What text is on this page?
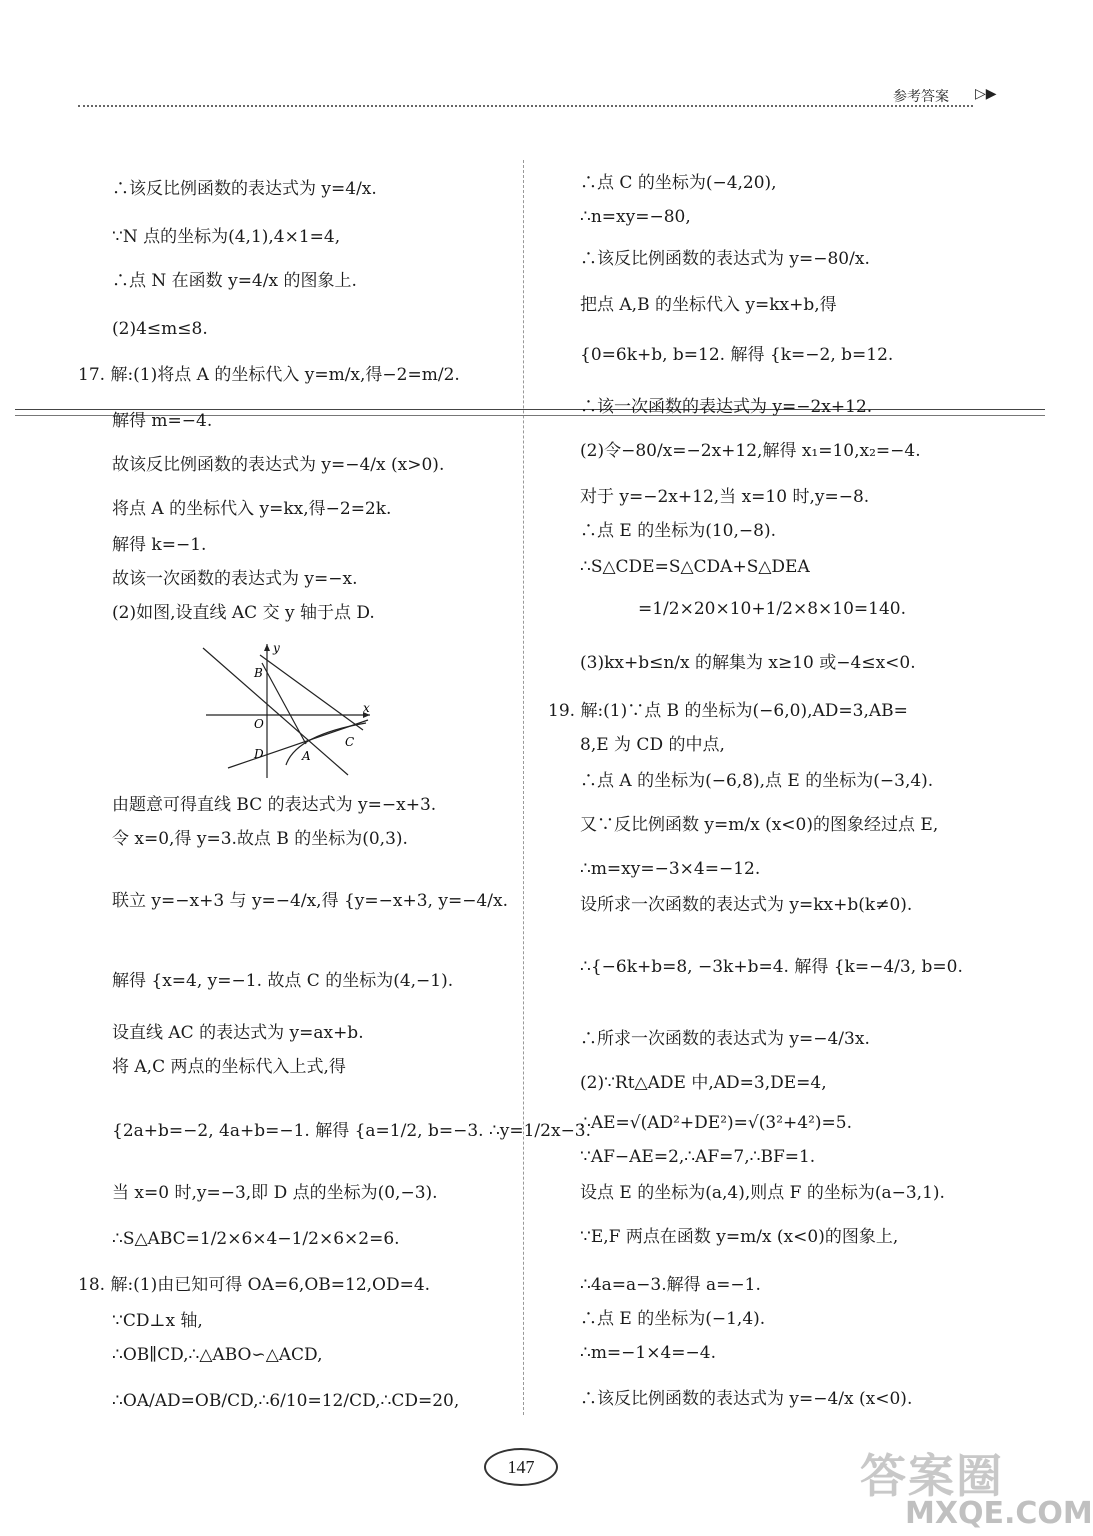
参考答案 ▷▶
∴该反比例函数的表达式为 y=4/x.
∵N 点的坐标为(4,1),4×1=4,
∴点 N 在函数 y=4/x 的图象上.
(2)4≤m≤8.
17. 解:(1)将点 A 的坐标代入 y=m/x,得−2=m/2.
解得 m=−4.
故该反比例函数的表达式为 y=−4/x (x>0).
将点 A 的坐标代入 y=kx,得−2=2k.
解得 k=−1.
故该一次函数的表达式为 y=−x.
(2)如图,设直线 AC 交 y 轴于点 D.
y
x
B
O
D	A
C
由题意可得直线 BC 的表达式为 y=−x+3.
令 x=0,得 y=3.故点 B 的坐标为(0,3).
联立 y=−x+3 与 y=−4/x,得 {y=−x+3, y=−4/x.
解得 {x=4, y=−1. 故点 C 的坐标为(4,−1).
设直线 AC 的表达式为 y=ax+b.
将 A,C 两点的坐标代入上式,得
{2a+b=−2, 4a+b=−1. 解得 {a=1/2, b=−3. ∴y=1/2x−3.
当 x=0 时,y=−3,即 D 点的坐标为(0,−3).
∴S△ABC=1/2×6×4−1/2×6×2=6.
18. 解:(1)由已知可得 OA=6,OB=12,OD=4.
∵CD⊥x 轴,
∴OB∥CD,∴△ABO∽△ACD,
∴OA/AD=OB/CD,∴6/10=12/CD,∴CD=20,
∴点 C 的坐标为(−4,20),
∴n=xy=−80,
∴该反比例函数的表达式为 y=−80/x.
把点 A,B 的坐标代入 y=kx+b,得
{0=6k+b, b=12. 解得 {k=−2, b=12.
∴该一次函数的表达式为 y=−2x+12.
(2)令−80/x=−2x+12,解得 x₁=10,x₂=−4.
对于 y=−2x+12,当 x=10 时,y=−8.
∴点 E 的坐标为(10,−8).
∴S△CDE=S△CDA+S△DEA
=1/2×20×10+1/2×8×10=140.
(3)kx+b≤n/x 的解集为 x≥10 或−4≤x<0.
19. 解:(1)∵点 B 的坐标为(−6,0),AD=3,AB=
8,E 为 CD 的中点,
∴点 A 的坐标为(−6,8),点 E 的坐标为(−3,4).
又∵反比例函数 y=m/x (x<0)的图象经过点 E,
∴m=xy=−3×4=−12.
设所求一次函数的表达式为 y=kx+b(k≠0).
∴{−6k+b=8, −3k+b=4. 解得 {k=−4/3, b=0.
∴所求一次函数的表达式为 y=−4/3x.
(2)∵Rt△ADE 中,AD=3,DE=4,
∴AE=√(AD²+DE²)=√(3²+4²)=5.
∵AF−AE=2,∴AF=7,∴BF=1.
设点 E 的坐标为(a,4),则点 F 的坐标为(a−3,1).
∵E,F 两点在函数 y=m/x (x<0)的图象上,
∴4a=a−3.解得 a=−1.
∴点 E 的坐标为(−1,4).
∴m=−1×4=−4.
∴该反比例函数的表达式为 y=−4/x (x<0).
147	答案圈
MXQE.COM
